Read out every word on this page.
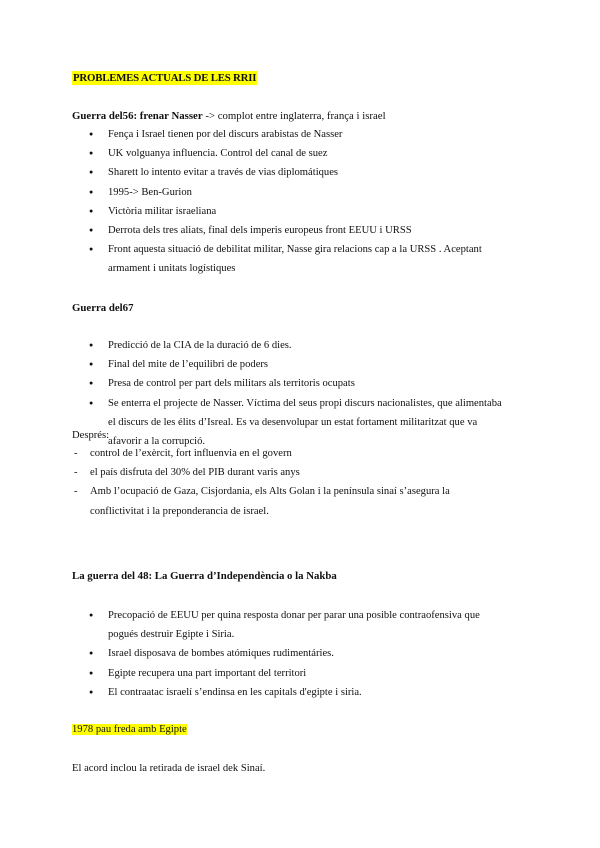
PROBLEMES ACTUALS DE LES RRII
Guerra del56: frenar Nasser -> complot entre inglaterra, frança i israel
● Fença i Israel tienen por del discurs arabistas de Nasser
● UK volguanya influencia. Control del canal de suez
● Sharett lo intento evitar a través de vias diplomátiques
● 1995-> Ben-Gurion
● Victòria militar israeliana
● Derrota dels tres aliats, final dels imperis europeus front EEUU i URSS
● Front aquesta situació de debilitat militar, Nasse gira relacions cap a la URSS . Aceptant armament i unitats logístiques
Guerra del67
● Predicció de la CIA de la duració de 6 dies.
● Final del mite de l’equilibri de poders
● Presa de control per part dels militars als territoris ocupats
● Se enterra el projecte de Nasser. Víctima del seus propi discurs nacionalistes, que alimentaba el discurs de les élits d’Isreal. Es va desenvolupar un estat fortament militaritzat que va afavorir a la corrupció.
Després:
- control de l’exèrcit, fort influenvia en el govern
- el país disfruta del 30% del PIB durant varis anys
- Amb l’ocupació de Gaza, Cisjordania, els Alts Golan i la península sinaí s’asegura la conflictivitat i la preponderancia de israel.
La guerra del 48: La Guerra d’Independència o la Nakba
● Precopació de EEUU per quina resposta donar per parar una posible contraofensiva que pogués destruir Egipte i Siria.
● Israel disposava de bombes atómiques rudimentáries.
● Egipte recupera una part important del territori
● El contraatac israelí s’endinsa en les capitals d'egipte i siria.
1978 pau freda amb Egipte
El acord inclou la retirada de israel dek Sinaí.
